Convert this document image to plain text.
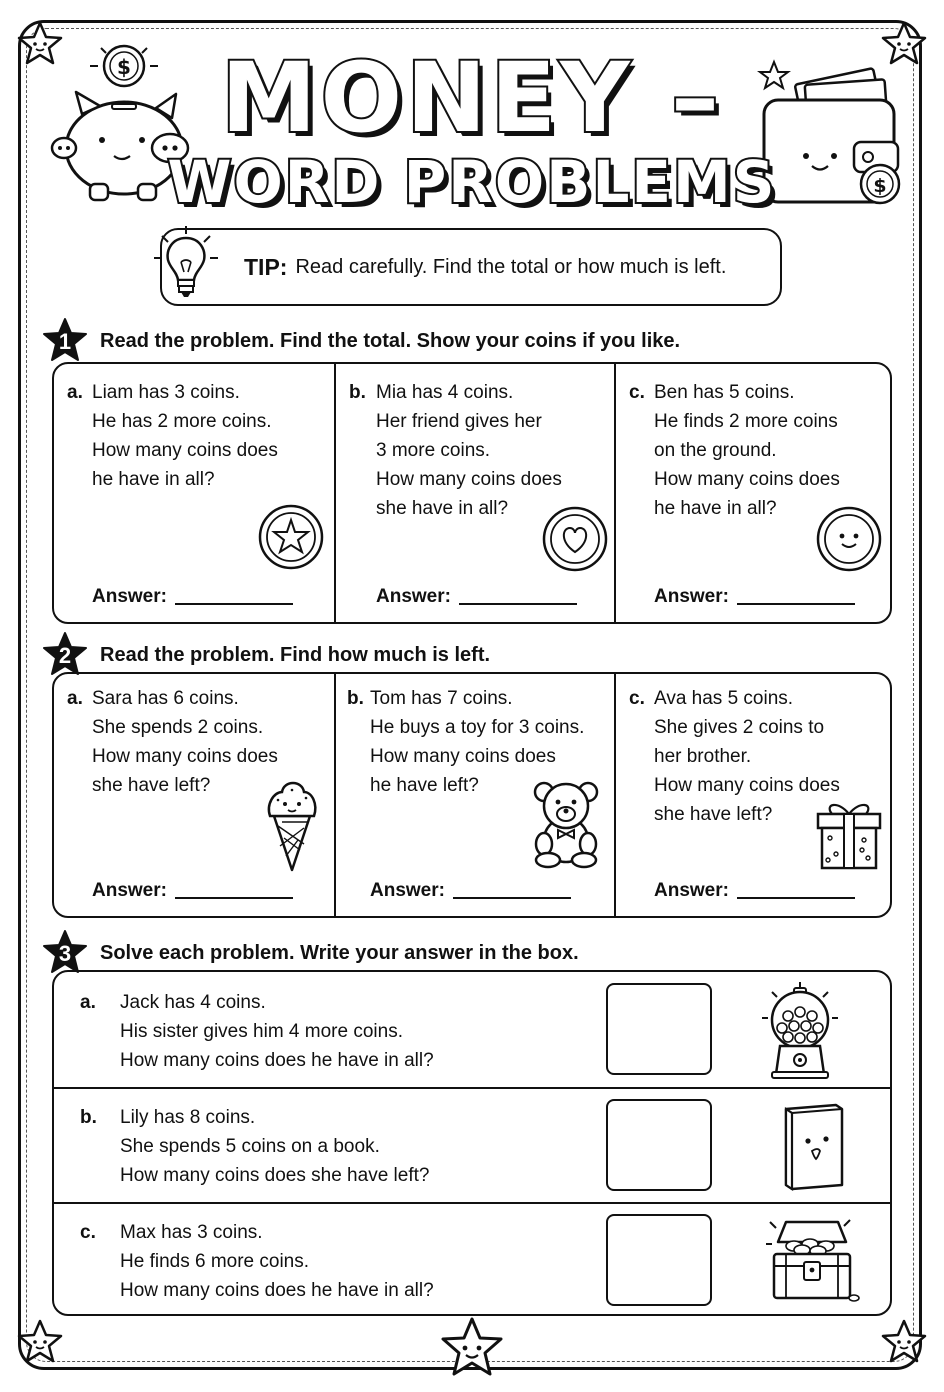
$
$
MONEY –
WORD PROBLEMS
TIP: Read carefully. Find the total or how much is left.
1	Read the problem. Find the total. Show your coins if you like.
a. Liam has 3 coins.
He has 2 more coins.
How many coins does
he have in all?
Answer:
b. Mia has 4 coins.
Her friend gives her
3 more coins.
How many coins does
she have in all?
Answer:
c. Ben has 5 coins.
He finds 2 more coins
on the ground.
How many coins does
he have in all?
Answer:
2	Read the problem. Find how much is left.
a. Sara has 6 coins.
She spends 2 coins.
How many coins does
she have left?
Answer:
b. Tom has 7 coins.
He buys a toy for 3 coins.
How many coins does
he have left?
Answer:
c. Ava has 5 coins.
She gives 2 coins to
her brother.
How many coins does
she have left?
Answer:
3	Solve each problem. Write your answer in the box.
a. Jack has 4 coins.
His sister gives him 4 more coins.
How many coins does he have in all?
b. Lily has 8 coins.
She spends 5 coins on a book.
How many coins does she have left?
c. Max has 3 coins.
He finds 6 more coins.
How many coins does he have in all?
